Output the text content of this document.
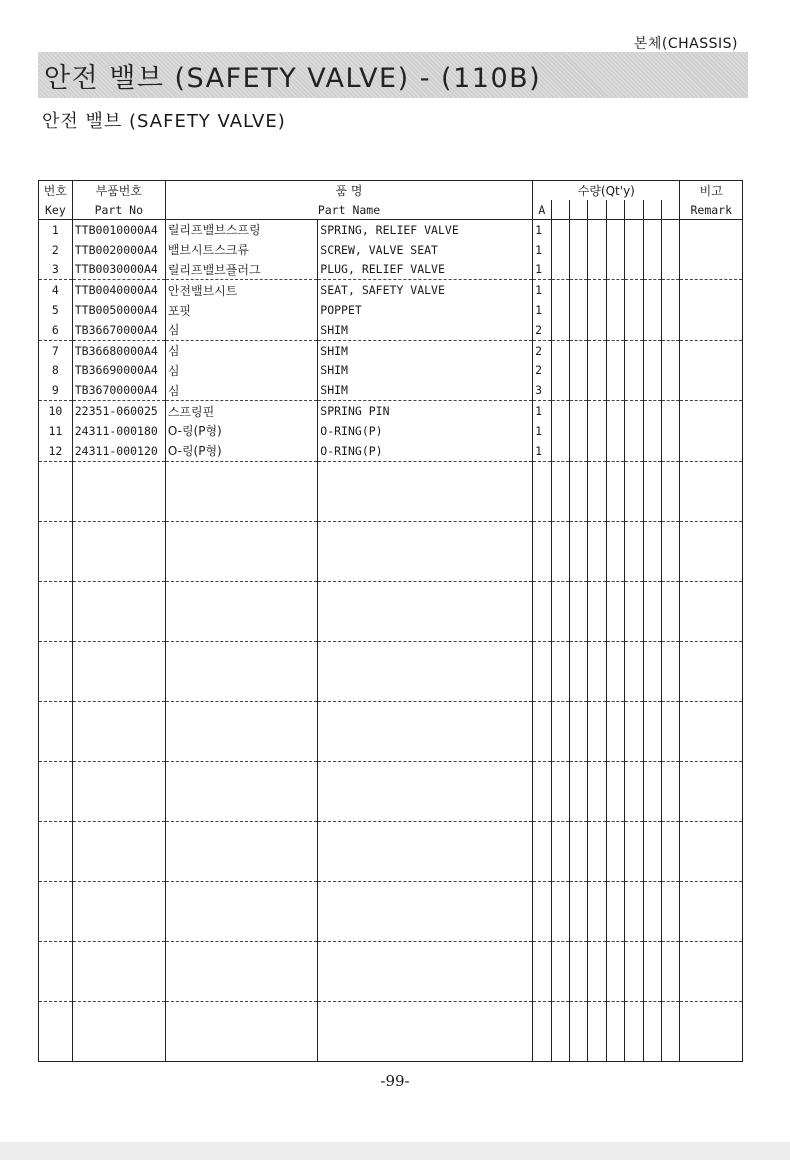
본체(CHASSIS)
안전 밸브 (SAFETY VALVE) - (110B)
안전 밸브 (SAFETY VALVE)
번호	부품번호	품 명		수량(Qt'y)								비고
Key	Part No	Part Name		A								Remark
1	TTB0010000A4	릴리프밸브스프링	SPRING, RELIEF VALVE	1								
2	TTB0020000A4	밸브시트스크류	SCREW, VALVE SEAT	1								
3	TTB0030000A4	릴리프밸브플러그	PLUG, RELIEF VALVE	1								
4	TTB0040000A4	안전밸브시트	SEAT, SAFETY VALVE	1								
5	TTB0050000A4	포핏	POPPET	1								
6	TB36670000A4	심	SHIM	2								
7	TB36680000A4	심	SHIM	2								
8	TB36690000A4	심	SHIM	2								
9	TB36700000A4	심	SHIM	3								
10	22351-060025	스프링핀	SPRING PIN	1								
11	24311-000180	O-링(P형)	O-RING(P)	1								
12	24311-000120	O-링(P형)	O-RING(P)	1								

-99-
